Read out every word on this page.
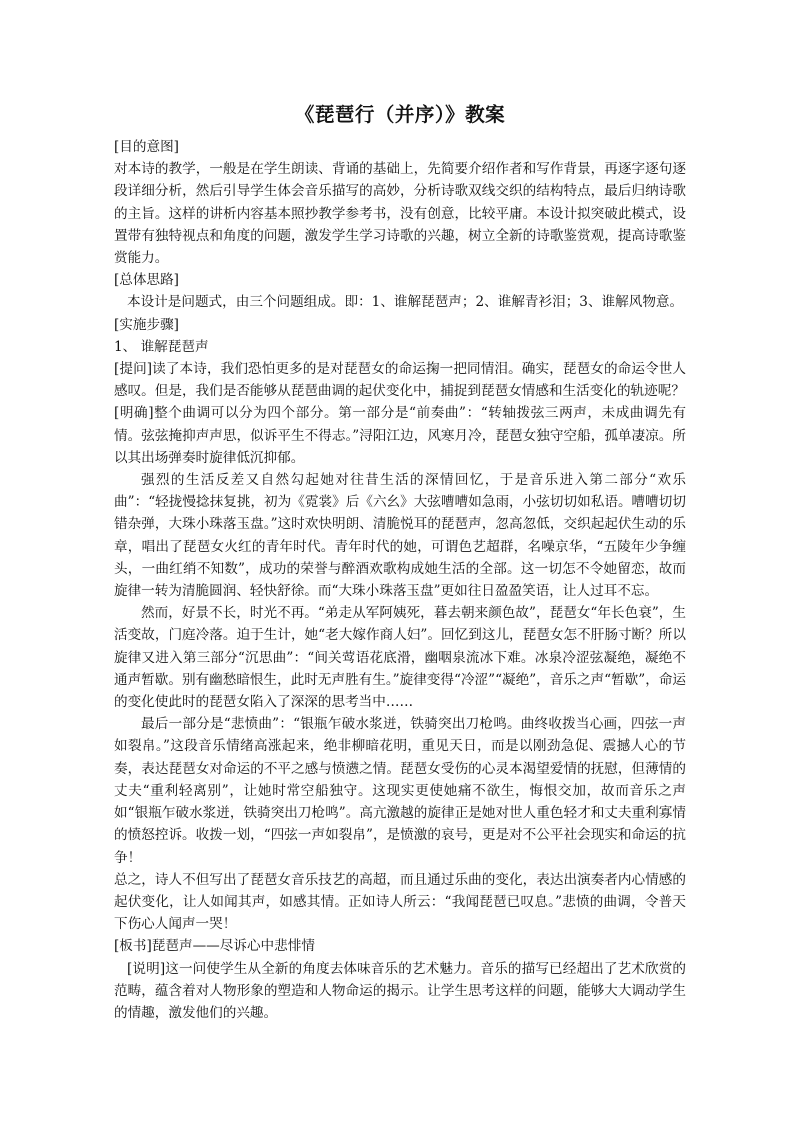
《琵琶行（并序）》教案

[目的意图]

对本诗的教学，一般是在学生朗读、背诵的基础上，先简要介绍作者和写作背景，再逐字逐句逐段详细分析，然后引导学生体会音乐描写的高妙，分析诗歌双线交织的结构特点，最后归纳诗歌的主旨。这样的讲析内容基本照抄教学参考书，没有创意，比较平庸。本设计拟突破此模式，设置带有独特视点和角度的问题，激发学生学习诗歌的兴趣，树立全新的诗歌鉴赏观，提高诗歌鉴赏能力。

[总体思路]

本设计是问题式，由三个问题组成。即：1、谁解琵琶声；2、谁解青衫泪；3、谁解风物意。

[实施步骤]

1、 谁解琵琶声

[提问]读了本诗，我们恐怕更多的是对琵琶女的命运掬一把同情泪。确实，琵琶女的命运令世人感叹。但是，我们是否能够从琵琶曲调的起伏变化中，捕捉到琵琶女情感和生活变化的轨迹呢？

[明确]整个曲调可以分为四个部分。第一部分是“前奏曲”：“转轴拨弦三两声，未成曲调先有情。弦弦掩抑声声思，似诉平生不得志。”浔阳江边，风寒月冷，琵琶女独守空船，孤单凄凉。所以其出场弹奏时旋律低沉抑郁。

强烈的生活反差又自然勾起她对往昔生活的深情回忆，于是音乐进入第二部分“欢乐曲”：“轻拢慢捻抹复挑，初为《霓裳》后《六幺》大弦嘈嘈如急雨，小弦切切如私语。嘈嘈切切错杂弹，大珠小珠落玉盘。”这时欢快明朗、清脆悦耳的琵琶声，忽高忽低，交织起起伏生动的乐章，唱出了琵琶女火红的青年时代。青年时代的她，可谓色艺超群，名噪京华，“五陵年少争缠头，一曲红绡不知数”，成功的荣誉与醉酒欢歌构成她生活的全部。这一切怎不令她留恋，故而旋律一转为清脆圆润、轻快舒徐。而“大珠小珠落玉盘”更如往日盈盈笑语，让人过耳不忘。

然而，好景不长，时光不再。“弟走从军阿姨死，暮去朝来颜色故”，琵琶女“年长色衰”，生活变故，门庭冷落。迫于生计，她“老大嫁作商人妇”。回忆到这儿，琵琶女怎不肝肠寸断？所以旋律又进入第三部分“沉思曲”：“间关莺语花底滑，幽咽泉流冰下难。冰泉冷涩弦凝绝，凝绝不通声暂歇。别有幽愁暗恨生，此时无声胜有生。”旋律变得“冷涩”“凝绝”，音乐之声“暂歇”，命运的变化使此时的琵琶女陷入了深深的思考当中……

最后一部分是“悲愤曲”：“银瓶乍破水浆迸，铁骑突出刀枪鸣。曲终收拨当心画，四弦一声如裂帛。”这段音乐情绪高涨起来，绝非柳暗花明，重见天日，而是以刚劲急促、震撼人心的节奏，表达琵琶女对命运的不平之感与愤懑之情。琵琶女受伤的心灵本渴望爱情的抚慰，但薄情的丈夫“重利轻离别”，让她时常空船独守。这现实更使她痛不欲生，悔恨交加，故而音乐之声如“银瓶乍破水浆迸，铁骑突出刀枪鸣”。高亢激越的旋律正是她对世人重色轻才和丈夫重利寡情的愤怒控诉。收拨一划，“四弦一声如裂帛”，是愤激的哀号，更是对不公平社会现实和命运的抗争！

总之，诗人不但写出了琵琶女音乐技艺的高超，而且通过乐曲的变化，表达出演奏者内心情感的起伏变化，让人如闻其声，如感其情。正如诗人所云：“我闻琵琶已叹息。”悲愤的曲调，令普天下伤心人闻声一哭！

[板书]琵琶声——尽诉心中悲悱情

[说明]这一问使学生从全新的角度去体味音乐的艺术魅力。音乐的描写已经超出了艺术欣赏的范畴，蕴含着对人物形象的塑造和人物命运的揭示。让学生思考这样的问题，能够大大调动学生的情趣，激发他们的兴趣。
